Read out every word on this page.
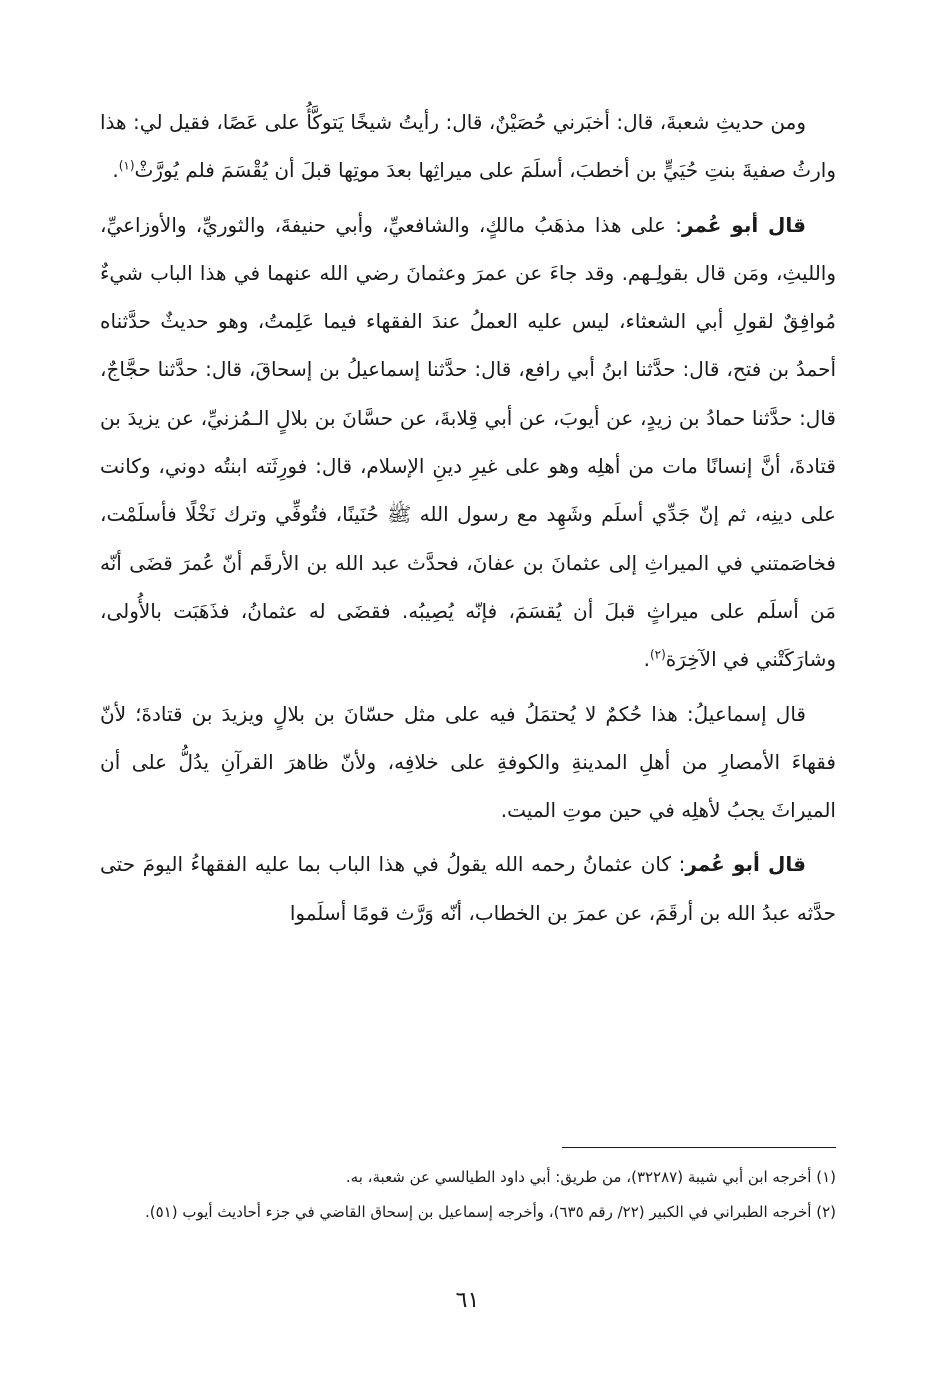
ومن حديثِ شعبةَ، قال: أخبَرني حُصَيْنٌ، قال: رأيتُ شيخًا يَتوكَّأُ على عَصًا، فقيل لي: هذا وارثُ صفيةَ بنتِ حُيَيٍّ بن أخطبَ، أسلَمَ على ميراثِها بعدَ موتِها قبلَ أن يُقْسَمَ فلم يُورَّثْ$^{(١)}$.

قال أبو عُمر: على هذا مذهَبُ مالكٍ، والشافعيِّ، وأبي حنيفةَ، والثوريِّ، والأوزاعيِّ، والليثِ، ومَن قال بقولِـهم. وقد جاءَ عن عمرَ وعثمانَ رضي الله عنهما في هذا الباب شيءٌ مُوافِقٌ لقولِ أبي الشعثاء، ليس عليه العملُ عندَ الفقهاء فيما عَلِمتُ، وهو حديثٌ حدَّثناه أحمدُ بن فتح، قال: حدَّثنا ابنُ أبي رافع، قال: حدَّثنا إسماعيلُ بن إسحاقَ، قال: حدَّثنا حجَّاجٌ، قال: حدَّثنا حمادُ بن زيدٍ، عن أيوبَ، عن أبي قِلابةَ، عن حسَّانَ بن بلالٍ الـمُزنيِّ، عن يزيدَ بن قتادةَ، أنَّ إنسانًا مات من أهلِه وهو على غيرِ دينِ الإسلام، قال: فورِثَته ابنتُه دوني، وكانت على دينِه، ثم إنّ جَدِّي أسلَم وشَهِد مع رسول الله ﷺ حُنَينًا، فتُوفِّي وترك نَخْلًا فأسلَمْت، فخاصَمتني في الميراثِ إلى عثمانَ بن عفانَ، فحدَّث عبد الله بن الأرقَم أنّ عُمرَ قضَى أنّه مَن أسلَم على ميراثٍ قبلَ أن يُقسَمَ، فإنّه يُصِيبُه. فقضَى له عثمانُ، فذَهَبَت بالأُولى، وشارَكَتْني في الآخِرَة$^{(٢)}$.

قال إسماعيلُ: هذا حُكمٌ لا يُحتمَلُ فيه على مثل حسّانَ بن بلالٍ ويزيدَ بن قتادةَ؛ لأنّ فقهاءَ الأمصارِ من أهلِ المدينةِ والكوفةِ على خلافِه، ولأنّ ظاهرَ القرآنِ يدُلُّ على أن الميراثَ يجبُ لأهلِه في حين موتِ الميت.

قال أبو عُمر: كان عثمانُ رحمه الله يقولُ في هذا الباب بما عليه الفقهاءُ اليومَ حتى حدَّثه عبدُ الله بن أرقَمَ، عن عمرَ بن الخطاب، أنّه وَرَّث قومًا أسلَموا

(١) أخرجه ابن أبي شيبة (٣٢٢٨٧)، من طريق: أبي داود الطيالسي عن شعبة، به.

(٢) أخرجه الطبراني في الكبير (٢٢/ رقم ٦٣٥)، وأخرجه إسماعيل بن إسحاق القاضي في جزء أحاديث أيوب (٥١).

٦١
